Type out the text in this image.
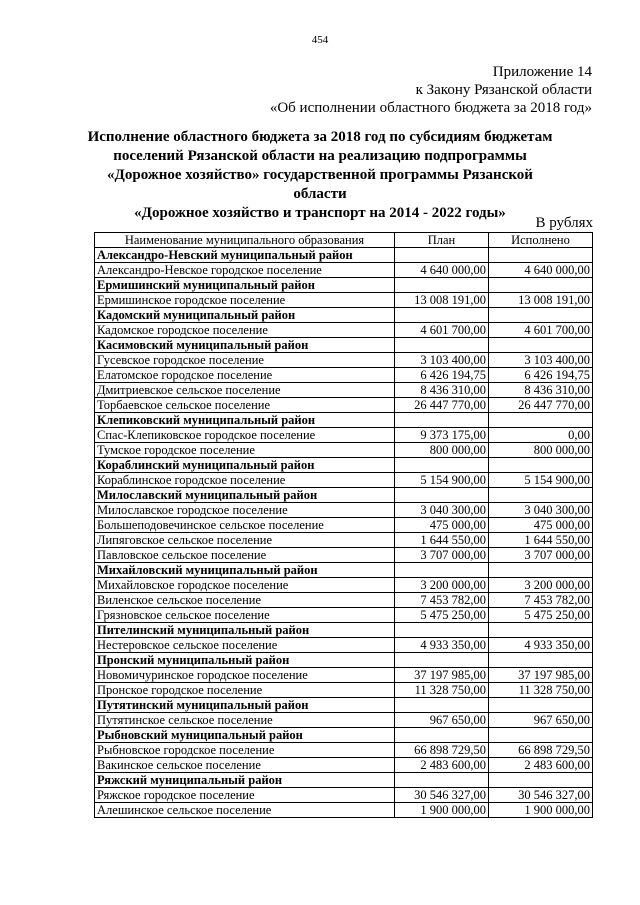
454
Приложение 14
к Закону Рязанской области
«Об исполнении областного бюджета за 2018 год»
Исполнение областного бюджета за 2018 год по субсидиям бюджетам
поселений Рязанской области на реализацию подпрограммы
«Дорожное хозяйство» государственной программы Рязанской области
«Дорожное хозяйство и транспорт на 2014 - 2022 годы»
В рублях
Наименование муниципального образования	План	Исполнено
Александро-Невский муниципальный район		
Александро-Невское городское поселение	4 640 000,00	4 640 000,00
Ермишинский муниципальный район		
Ермишинское городское поселение	13 008 191,00	13 008 191,00
Кадомский муниципальный район		
Кадомское городское поселение	4 601 700,00	4 601 700,00
Касимовский муниципальный район		
Гусевское городское поселение	3 103 400,00	3 103 400,00
Елатомское городское поселение	6 426 194,75	6 426 194,75
Дмитриевское сельское поселение	8 436 310,00	8 436 310,00
Торбаевское сельское поселение	26 447 770,00	26 447 770,00
Клепиковский муниципальный район		
Спас-Клепиковское городское поселение	9 373 175,00	0,00
Тумское городское поселение	800 000,00	800 000,00
Кораблинский муниципальный район		
Кораблинское городское поселение	5 154 900,00	5 154 900,00
Милославский муниципальный район		
Милославское городское поселение	3 040 300,00	3 040 300,00
Большеподовечинское сельское поселение	475 000,00	475 000,00
Липяговское сельское поселение	1 644 550,00	1 644 550,00
Павловское сельское поселение	3 707 000,00	3 707 000,00
Михайловский муниципальный район		
Михайловское городское поселение	3 200 000,00	3 200 000,00
Виленское сельское поселение	7 453 782,00	7 453 782,00
Грязновское сельское поселение	5 475 250,00	5 475 250,00
Пителинский муниципальный район		
Нестеровское сельское поселение	4 933 350,00	4 933 350,00
Пронский муниципальный район		
Новомичуринское городское поселение	37 197 985,00	37 197 985,00
Пронское городское поселение	11 328 750,00	11 328 750,00
Путятинский муниципальный район		
Путятинское сельское поселение	967 650,00	967 650,00
Рыбновский муниципальный район		
Рыбновское городское поселение	66 898 729,50	66 898 729,50
Вакинское сельское поселение	2 483 600,00	2 483 600,00
Ряжский муниципальный район		
Ряжское городское поселение	30 546 327,00	30 546 327,00
Алешинское сельское поселение	1 900 000,00	1 900 000,00
